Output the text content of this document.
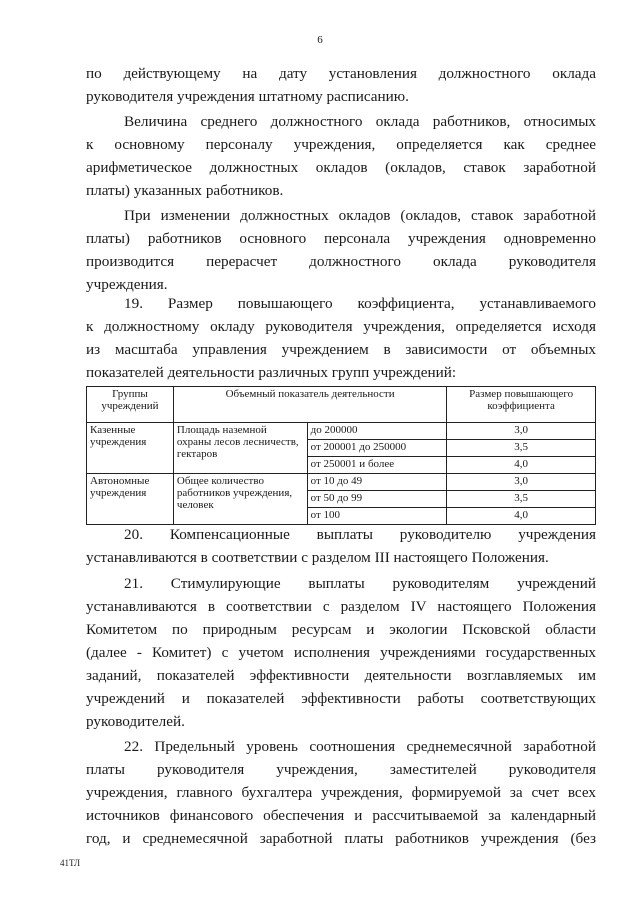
6

по действующему на дату установления должностного оклада
руководителя учреждения штатному расписанию.

Величина среднего должностного оклада работников, относимых
к основному персоналу учреждения, определяется как среднее
арифметическое должностных окладов (окладов, ставок заработной
платы) указанных работников.

При изменении должностных окладов (окладов, ставок заработной
платы) работников основного персонала учреждения одновременно
производится перерасчет должностного оклада руководителя
учреждения.

19. Размер повышающего коэффициента, устанавливаемого
к должностному окладу руководителя учреждения, определяется исходя
из масштаба управления учреждением в зависимости от объемных
показателей деятельности различных групп учреждений:

Группы учреждений	Объемный показатель деятельности		Размер повышающего коэффициента
Казенные учреждения	Площадь наземной охраны лесов лесничеств, гектаров	до 200000	3,0
		от 200001 до 250000	3,5
		от 250001 и более	4,0
Автономные учреждения	Общее количество работников учреждения, человек	от 10 до 49	3,0
		от 50 до 99	3,5
		от 100	4,0

20. Компенсационные выплаты руководителю учреждения
устанавливаются в соответствии с разделом III настоящего Положения.

21. Стимулирующие выплаты руководителям учреждений
устанавливаются в соответствии с разделом IV настоящего Положения
Комитетом по природным ресурсам и экологии Псковской области
(далее - Комитет) с учетом исполнения учреждениями государственных
заданий, показателей эффективности деятельности возглавляемых им
учреждений и показателей эффективности работы соответствующих
руководителей.

22. Предельный уровень соотношения среднемесячной заработной
платы руководителя учреждения, заместителей руководителя
учреждения, главного бухгалтера учреждения, формируемой за счет всех
источников финансового обеспечения и рассчитываемой за календарный
год, и среднемесячной заработной платы работников учреждения (без

41ТЛ
